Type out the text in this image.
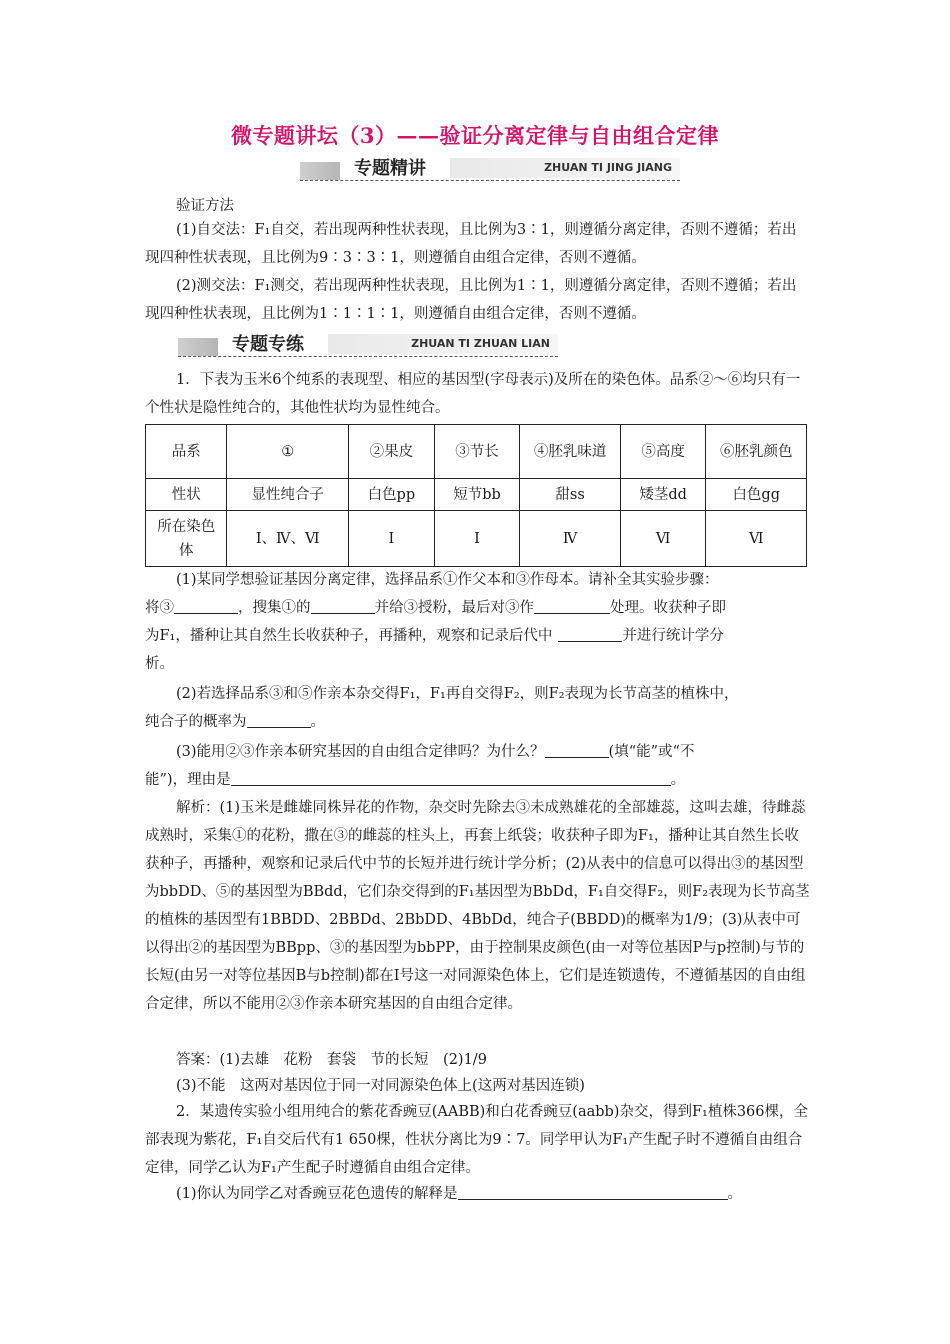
微专题讲坛（3）——验证分离定律与自由组合定律
专题精讲	ZHUAN TI JING JIANG
验证方法
(1)自交法：F₁自交，若出现两种性状表现，且比例为3∶1，则遵循分离定律，否则不遵循；若出现四种性状表现，且比例为9∶3∶3∶1，则遵循自由组合定律，否则不遵循。
(2)测交法：F₁测交，若出现两种性状表现，且比例为1∶1，则遵循分离定律，否则不遵循；若出现四种性状表现，且比例为1∶1∶1∶1，则遵循自由组合定律，否则不遵循。
专题专练	ZHUAN TI ZHUAN LIAN
1．下表为玉米6个纯系的表现型、相应的基因型(字母表示)及所在的染色体。品系②～⑥均只有一个性状是隐性纯合的，其他性状均为显性纯合。
品系	①	②果皮	③节长	④胚乳味道	⑤高度	⑥胚乳颜色
性状	显性纯合子	白色pp	短节bb	甜ss	矮茎dd	白色gg
所在染色体	Ⅰ、Ⅳ、Ⅵ	Ⅰ	Ⅰ	Ⅳ	Ⅵ	Ⅵ
(1)某同学想验证基因分离定律，选择品系①作父本和③作母本。请补全其实验步骤：
将③	，搜集①的	并给③授粉，最后对③作	处理。收获种子即
为F₁，播种让其自然生长收获种子，再播种，观察和记录后代中	并进行统计学分
析。
(2)若选择品系③和⑤作亲本杂交得F₁，F₁再自交得F₂，则F₂表现为长节高茎的植株中，
纯合子的概率为	。
(3)能用②③作亲本研究基因的自由组合定律吗？为什么？	(填“能”或“不
能”)，理由是	。
解析：(1)玉米是雌雄同株异花的作物，杂交时先除去③未成熟雄花的全部雄蕊，这叫去雄，待雌蕊成熟时，采集①的花粉，撒在③的雌蕊的柱头上，再套上纸袋；收获种子即为F₁，播种让其自然生长收获种子，再播种，观察和记录后代中节的长短并进行统计学分析；(2)从表中的信息可以得出③的基因型为bbDD、⑤的基因型为BBdd，它们杂交得到的F₁基因型为BbDd，F₁自交得F₂，则F₂表现为长节高茎的植株的基因型有1BBDD、2BBDd、2BbDD、4BbDd，纯合子(BBDD)的概率为1/9；(3)从表中可以得出②的基因型为BBpp、③的基因型为bbPP，由于控制果皮颜色(由一对等位基因P与p控制)与节的长短(由另一对等位基因B与b控制)都在Ⅰ号这一对同源染色体上，它们是连锁遗传，不遵循基因的自由组合定律，所以不能用②③作亲本研究基因的自由组合定律。
答案：(1)去雄　花粉　套袋　节的长短　(2)1/9
(3)不能　这两对基因位于同一对同源染色体上(这两对基因连锁)
2．某遗传实验小组用纯合的紫花香豌豆(AABB)和白花香豌豆(aabb)杂交，得到F₁植株366棵，全部表现为紫花，F₁自交后代有1 650棵，性状分离比为9∶7。同学甲认为F₁产生配子时不遵循自由组合定律，同学乙认为F₁产生配子时遵循自由组合定律。
(1)你认为同学乙对香豌豆花色遗传的解释是	。
